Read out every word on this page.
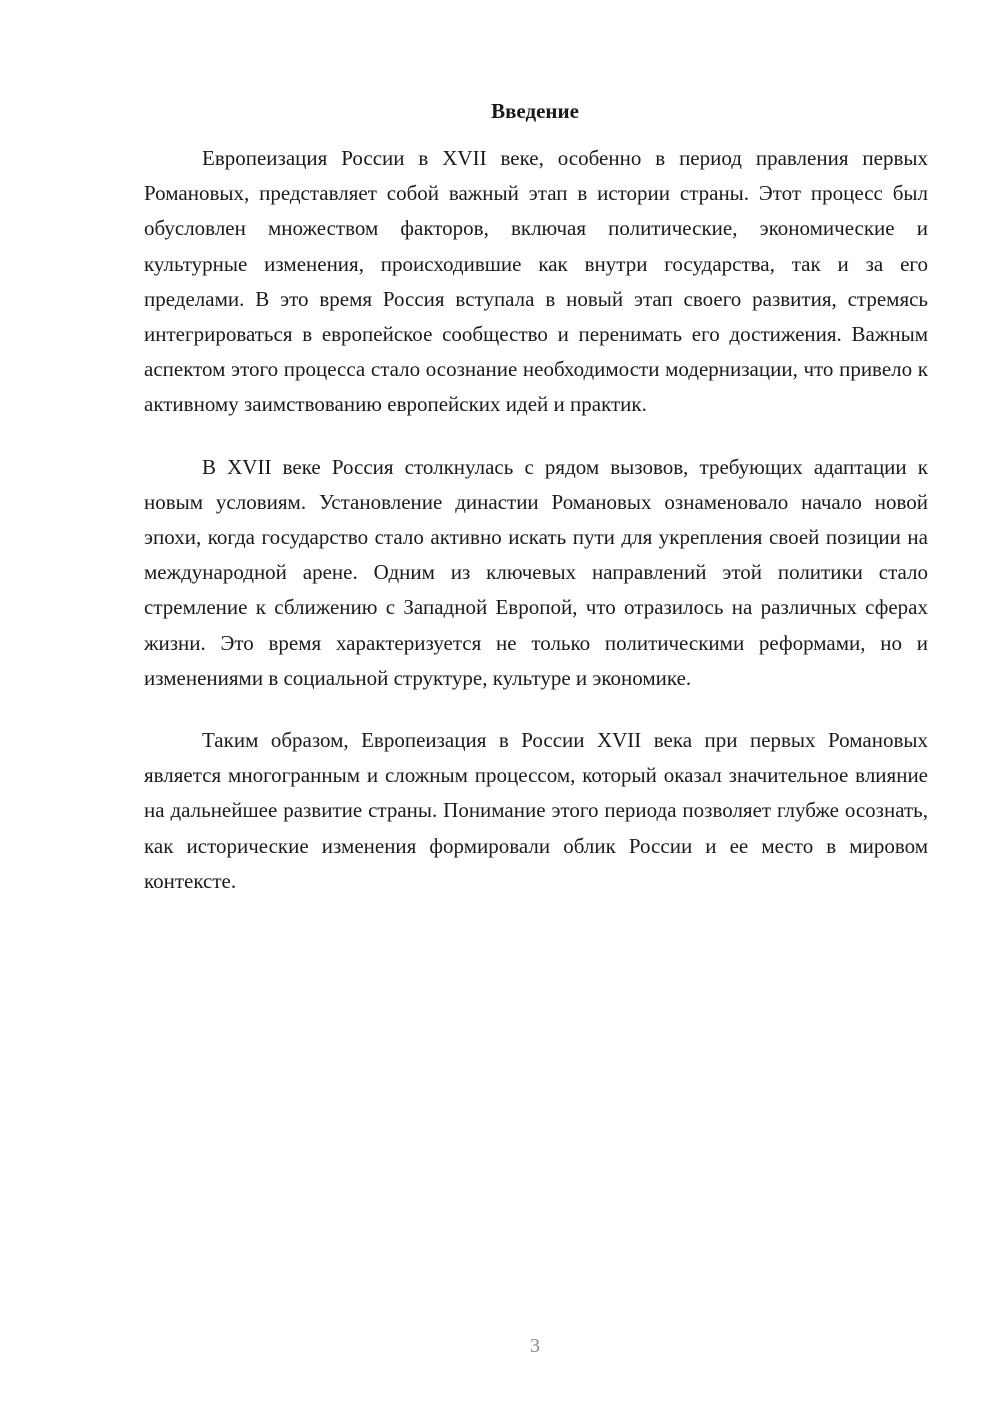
Введение

Европеизация России в XVII веке, особенно в период правления первых Романовых, представляет собой важный этап в истории страны. Этот процесс был обусловлен множеством факторов, включая политические, экономические и культурные изменения, происходившие как внутри государства, так и за его пределами. В это время Россия вступала в новый этап своего развития, стремясь интегрироваться в европейское сообщество и перенимать его достижения. Важным аспектом этого процесса стало осознание необходимости модернизации, что привело к активному заимствованию европейских идей и практик.

В XVII веке Россия столкнулась с рядом вызовов, требующих адаптации к новым условиям. Установление династии Романовых ознаменовало начало новой эпохи, когда государство стало активно искать пути для укрепления своей позиции на международной арене. Одним из ключевых направлений этой политики стало стремление к сближению с Западной Европой, что отразилось на различных сферах жизни. Это время характеризуется не только политическими реформами, но и изменениями в социальной структуре, культуре и экономике.

Таким образом, Европеизация в России XVII века при первых Романовых является многогранным и сложным процессом, который оказал значительное влияние на дальнейшее развитие страны. Понимание этого периода позволяет глубже осознать, как исторические изменения формировали облик России и ее место в мировом контексте.

3
